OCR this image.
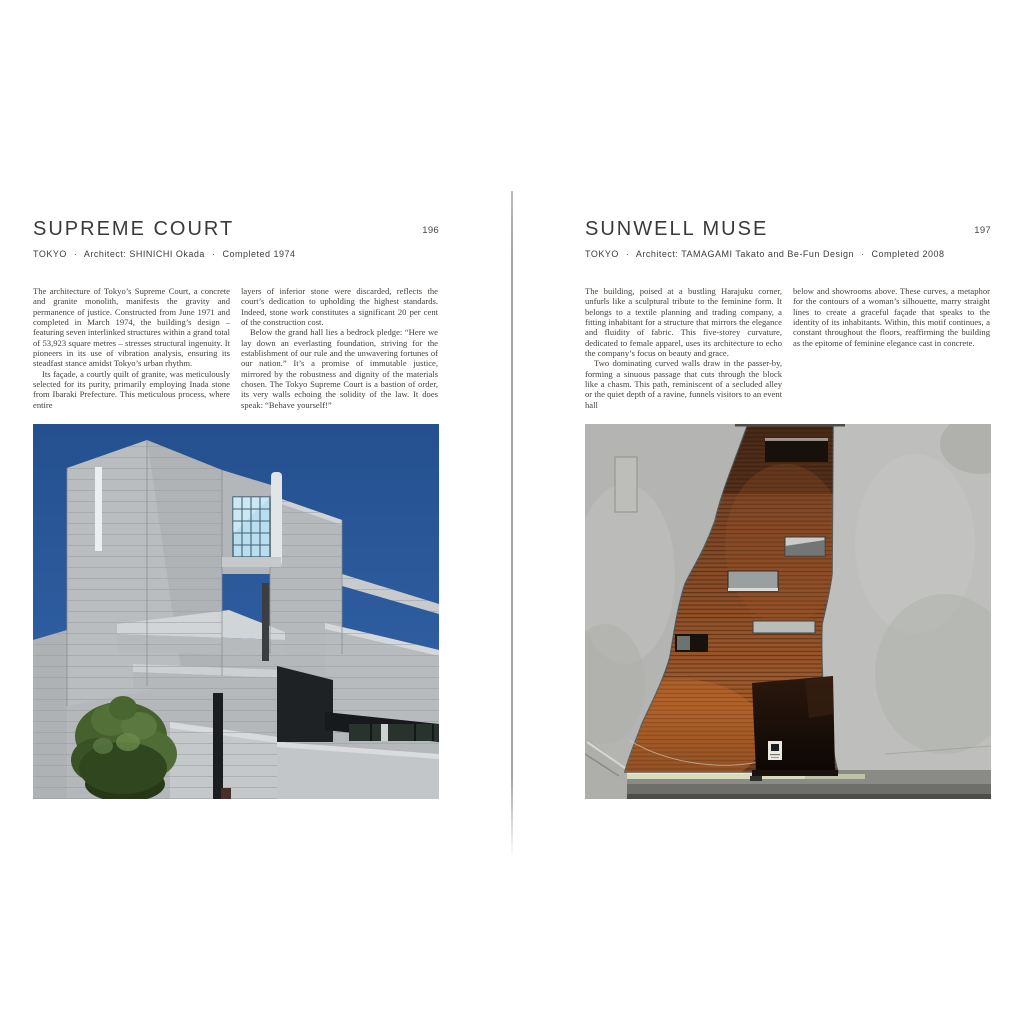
SUPREME COURT	196
TOKYO · Architect: SHINICHI Okada · Completed 1974

The architecture of Tokyo’s Supreme Court, a concrete and granite monolith, manifests the gravity and permanence of justice. Constructed from June 1971 and completed in March 1974, the building’s design – featuring seven interlinked structures within a grand total of 53,923 square metres – stresses structural ingenuity. It pioneers in its use of vibration analysis, ensuring its steadfast stance amidst Tokyo’s urban rhythm.

Its façade, a courtly quilt of granite, was meticulously selected for its purity, primarily employing Inada stone from Ibaraki Prefecture. This meticulous process, where entire

layers of inferior stone were discarded, reflects the court’s dedication to upholding the highest standards. Indeed, stone work constitutes a significant 20 per cent of the construction cost.

Below the grand hall lies a bedrock pledge: “Here we lay down an everlasting foundation, striving for the establishment of our rule and the unwavering fortunes of our nation.” It’s a promise of immutable justice, mirrored by the robustness and dignity of the materials chosen. The Tokyo Supreme Court is a bastion of order, its very walls echoing the solidity of the law. It does speak: “Behave yourself!”

SUNWELL MUSE	197
TOKYO · Architect: TAMAGAMI Takato and Be-Fun Design · Completed 2008

The building, poised at a bustling Harajuku corner, unfurls like a sculptural tribute to the feminine form. It belongs to a textile planning and trading company, a fitting inhabitant for a structure that mirrors the elegance and fluidity of fabric. This five-storey curvature, dedicated to female apparel, uses its architecture to echo the company’s focus on beauty and grace.

Two dominating curved walls draw in the passer-by, forming a sinuous passage that cuts through the block like a chasm. This path, reminiscent of a secluded alley or the quiet depth of a ravine, funnels visitors to an event hall

below and showrooms above. These curves, a metaphor for the contours of a woman’s silhouette, marry straight lines to create a graceful façade that speaks to the identity of its inhabitants. Within, this motif continues, a constant throughout the floors, reaffirming the building as the epitome of feminine elegance cast in concrete.
